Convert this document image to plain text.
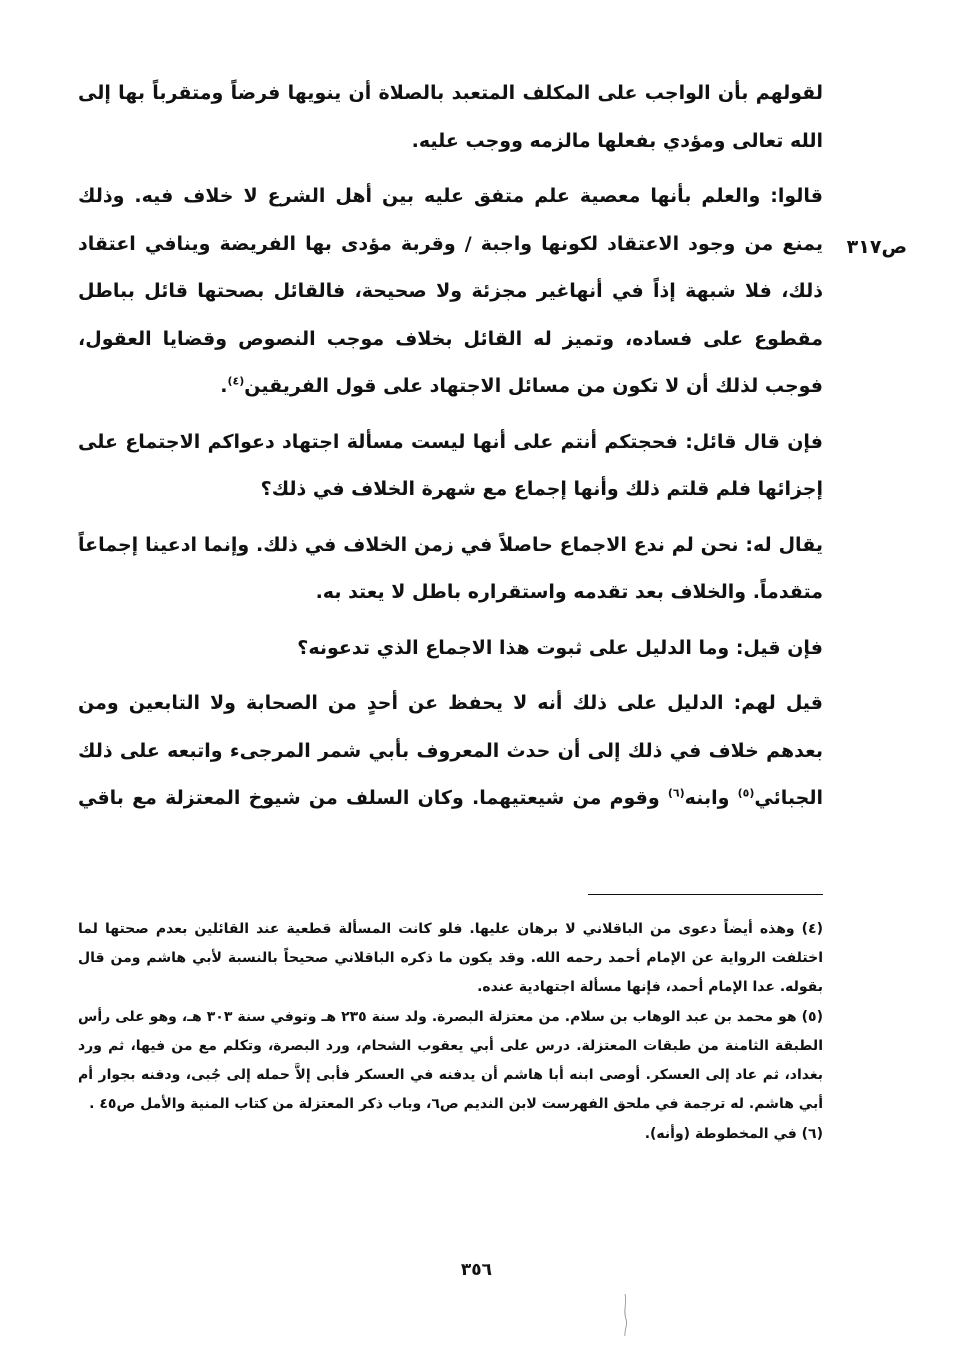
ص٣١٧

لقولهم بأن الواجب على المكلف المتعبد بالصلاة أن ينويها فرضاً ومتقرباً بها إلى الله تعالى ومؤدي بفعلها مالزمه ووجب عليه.

قالوا: والعلم بأنها معصية علم متفق عليه بين أهل الشرع لا خلاف فيه. وذلك يمنع من وجود الاعتقاد لكونها واجبة / وقربة مؤدى بها الفريضة وينافي اعتقاد ذلك، فلا شبهة إذاً في أنهاغير مجزئة ولا صحيحة، فالقائل بصحتها قائل بباطل مقطوع على فساده، وتميز له القائل بخلاف موجب النصوص وقضايا العقول، فوجب لذلك أن لا تكون من مسائل الاجتهاد على قول الفريقين$^{(٤)}$.

فإن قال قائل: فحجتكم أنتم على أنها ليست مسألة اجتهاد دعواكم الاجتماع على إجزائها فلم قلتم ذلك وأنها إجماع مع شهرة الخلاف في ذلك؟

يقال له: نحن لم ندع الاجماع حاصلاً في زمن الخلاف في ذلك. وإنما ادعينا إجماعاً متقدماً. والخلاف بعد تقدمه واستقراره باطل لا يعتد به.

فإن قيل: وما الدليل على ثبوت هذا الاجماع الذي تدعونه؟

قيل لهم: الدليل على ذلك أنه لا يحفظ عن أحدٍ من الصحابة ولا التابعين ومن بعدهم خلاف في ذلك إلى أن حدث المعروف بأبي شمر المرجىء واتبعه على ذلك الجبائي$^{(٥)}$ وابنه$^{(٦)}$ وقوم من شيعتيهما. وكان السلف من شيوخ المعتزلة مع باقي

(٤) وهذه أيضاً دعوى من الباقلاني لا برهان عليها. فلو كانت المسألة قطعية عند القائلين بعدم صحتها لما اختلفت الرواية عن الإمام أحمد رحمه الله. وقد يكون ما ذكره الباقلاني صحيحاً بالنسبة لأبي هاشم ومن قال بقوله. عدا الإمام أحمد، فإنها مسألة اجتهادية عنده.

(٥) هو محمد بن عبد الوهاب بن سلام. من معتزلة البصرة. ولد سنة ٢٣٥ هـ وتوفي سنة ٣٠٣ هـ، وهو على رأس الطبقة الثامنة من طبقات المعتزلة. درس على أبي يعقوب الشحام، ورد البصرة، وتكلم مع من فيها، ثم ورد بغداد، ثم عاد إلى العسكر. أوصى ابنه أبا هاشم أن يدفنه في العسكر فأبى إلاَّ حمله إلى جُبى، ودفنه بجوار أم أبي هاشم. له ترجمة في ملحق الفهرست لابن النديم ص٦، وباب ذكر المعتزلة من كتاب المنية والأمل ص٤٥ .

(٦) في المخطوطة (وأنه).

٣٥٦
